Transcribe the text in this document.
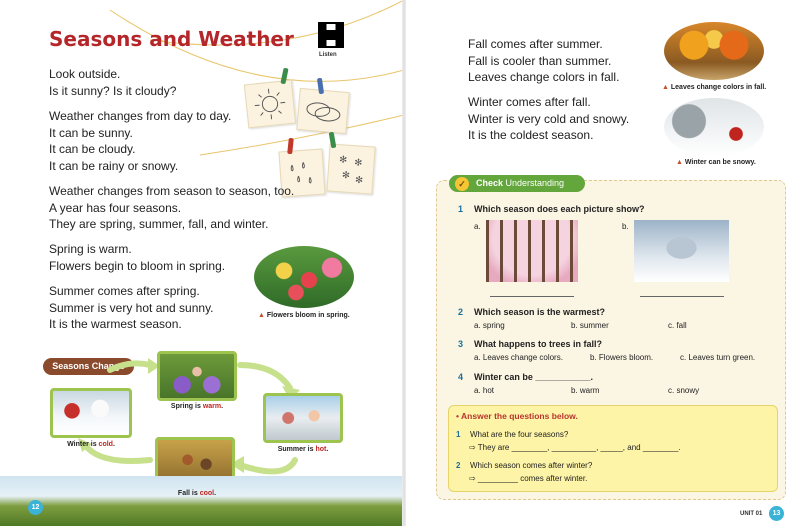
Seasons and Weather
Listen
✻ ✻
✻ ✻

Look outside.

Is it sunny? Is it cloudy?

Weather changes from day to day.

It can be sunny.

It can be cloudy.

It can be rainy or snowy.

Weather changes from season to season, too.

A year has four seasons.

They are spring, summer, fall, and winter.

Spring is warm.

Flowers begin to bloom in spring.

Summer comes after spring.

Summer is very hot and sunny.

It is the warmest season.

▲ Flowers bloom in spring.
Seasons Change
Spring is warm.
Winter is cold.
Summer is hot.
Fall is cool.
12

Fall comes after summer.

Fall is cooler than summer.

Leaves change colors in fall.

Winter comes after fall.

Winter is very cold and snowy.

It is the coldest season.

▲ Leaves change colors in fall.
▲ Winter can be snowy.
Check Understanding
✓
1 Which season does each picture show?
a.	b.
2 Which season is the warmest?
a. spring	b. summer	c. fall
3 What happens to trees in fall?
a. Leaves change colors.	b. Flowers bloom.	c. Leaves turn green.
4 Winter can be ___________.
a. hot	b. warm	c. snowy
• Answer the questions below.
1 What are the four seasons?
⇨ They are ________, __________, _____, and ________.
2 Which season comes after winter?
⇨ _________ comes after winter.
UNIT 01	13
